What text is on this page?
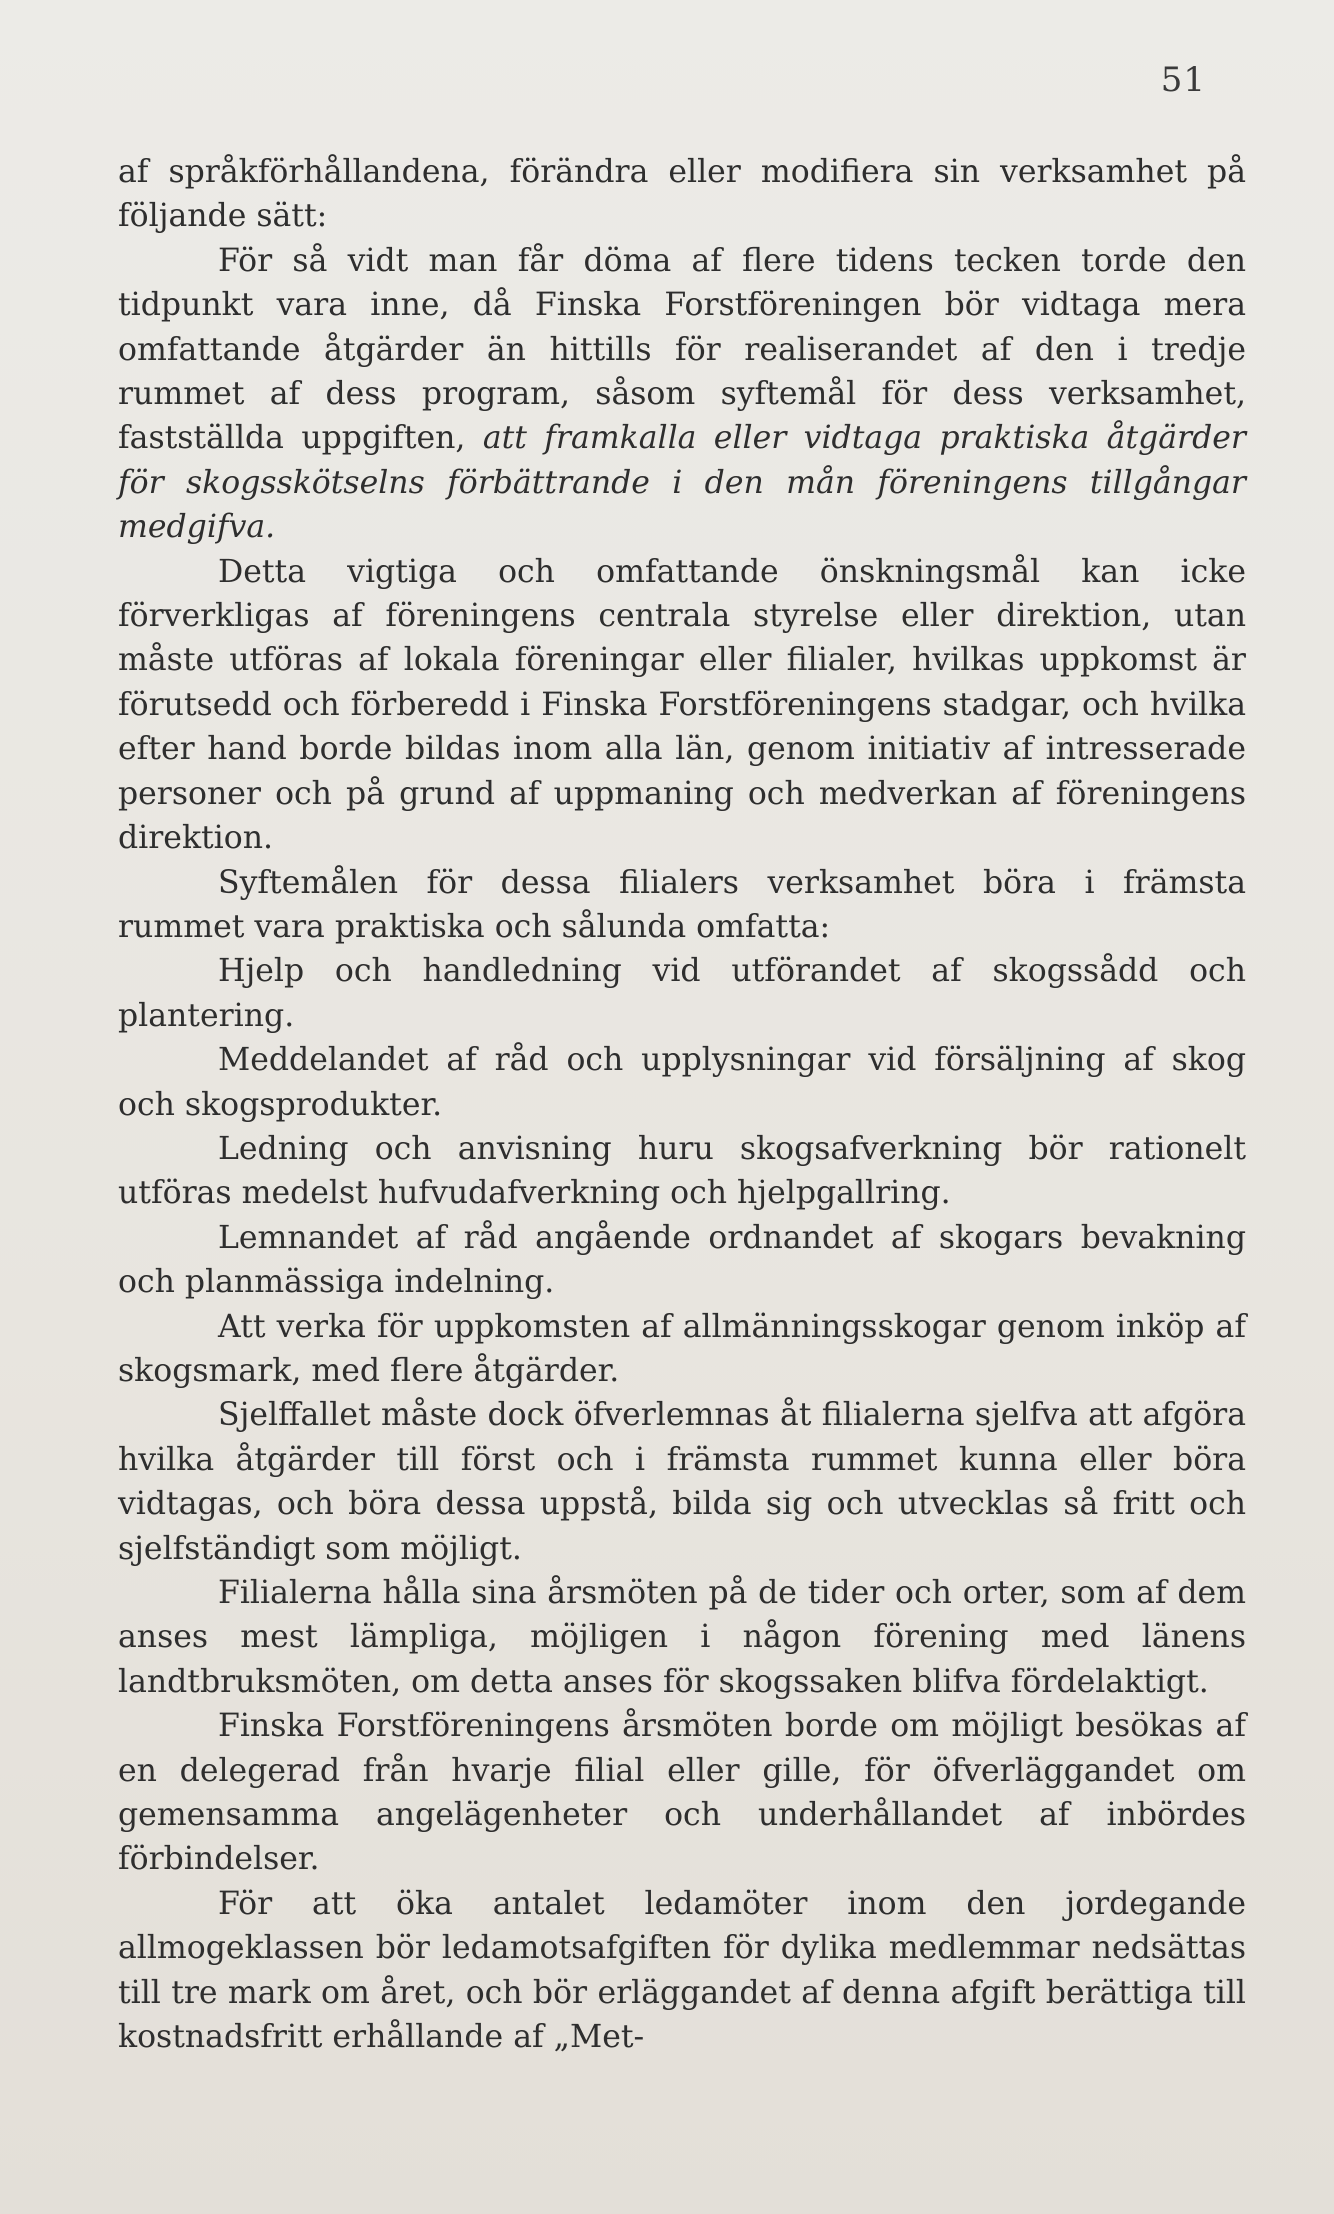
51

af språkförhållandena, förändra eller modifiera sin verksamhet på följande sätt:

För så vidt man får döma af flere tidens tecken torde den tidpunkt vara inne, då Finska Forstföreningen bör vidtaga mera omfattande åtgärder än hittills för realiserandet af den i tredje rummet af dess program, såsom syftemål för dess verksamhet, fastställda uppgiften, att framkalla eller vidtaga praktiska åtgärder för skogsskötselns förbättrande i den mån föreningens tillgångar medgifva.

Detta vigtiga och omfattande önskningsmål kan icke förverkligas af föreningens centrala styrelse eller direktion, utan måste utföras af lokala föreningar eller filialer, hvilkas uppkomst är förutsedd och förberedd i Finska Forstföreningens stadgar, och hvilka efter hand borde bildas inom alla län, genom initiativ af intresserade personer och på grund af uppmaning och medverkan af föreningens direktion.

Syftemålen för dessa filialers verksamhet böra i främsta rummet vara praktiska och sålunda omfatta:

Hjelp och handledning vid utförandet af skogssådd och plantering.

Meddelandet af råd och upplysningar vid försäljning af skog och skogsprodukter.

Ledning och anvisning huru skogsafverkning bör rationelt utföras medelst hufvudafverkning och hjelpgallring.

Lemnandet af råd angående ordnandet af skogars bevakning och planmässiga indelning.

Att verka för uppkomsten af allmänningsskogar genom inköp af skogsmark, med flere åtgärder.

Sjelffallet måste dock öfverlemnas åt filialerna sjelfva att afgöra hvilka åtgärder till först och i främsta rummet kunna eller böra vidtagas, och böra dessa uppstå, bilda sig och utvecklas så fritt och sjelfständigt som möjligt.

Filialerna hålla sina årsmöten på de tider och orter, som af dem anses mest lämpliga, möjligen i någon förening med länens landtbruksmöten, om detta anses för skogssaken blifva fördelaktigt.

Finska Forstföreningens årsmöten borde om möjligt besökas af en delegerad från hvarje filial eller gille, för öfverläggandet om gemensamma angelägenheter och underhållandet af inbördes förbindelser.

För att öka antalet ledamöter inom den jordegande allmogeklassen bör ledamotsafgiften för dylika medlemmar nedsättas till tre mark om året, och bör erläggandet af denna afgift berättiga till kostnadsfritt erhållande af „Met-
